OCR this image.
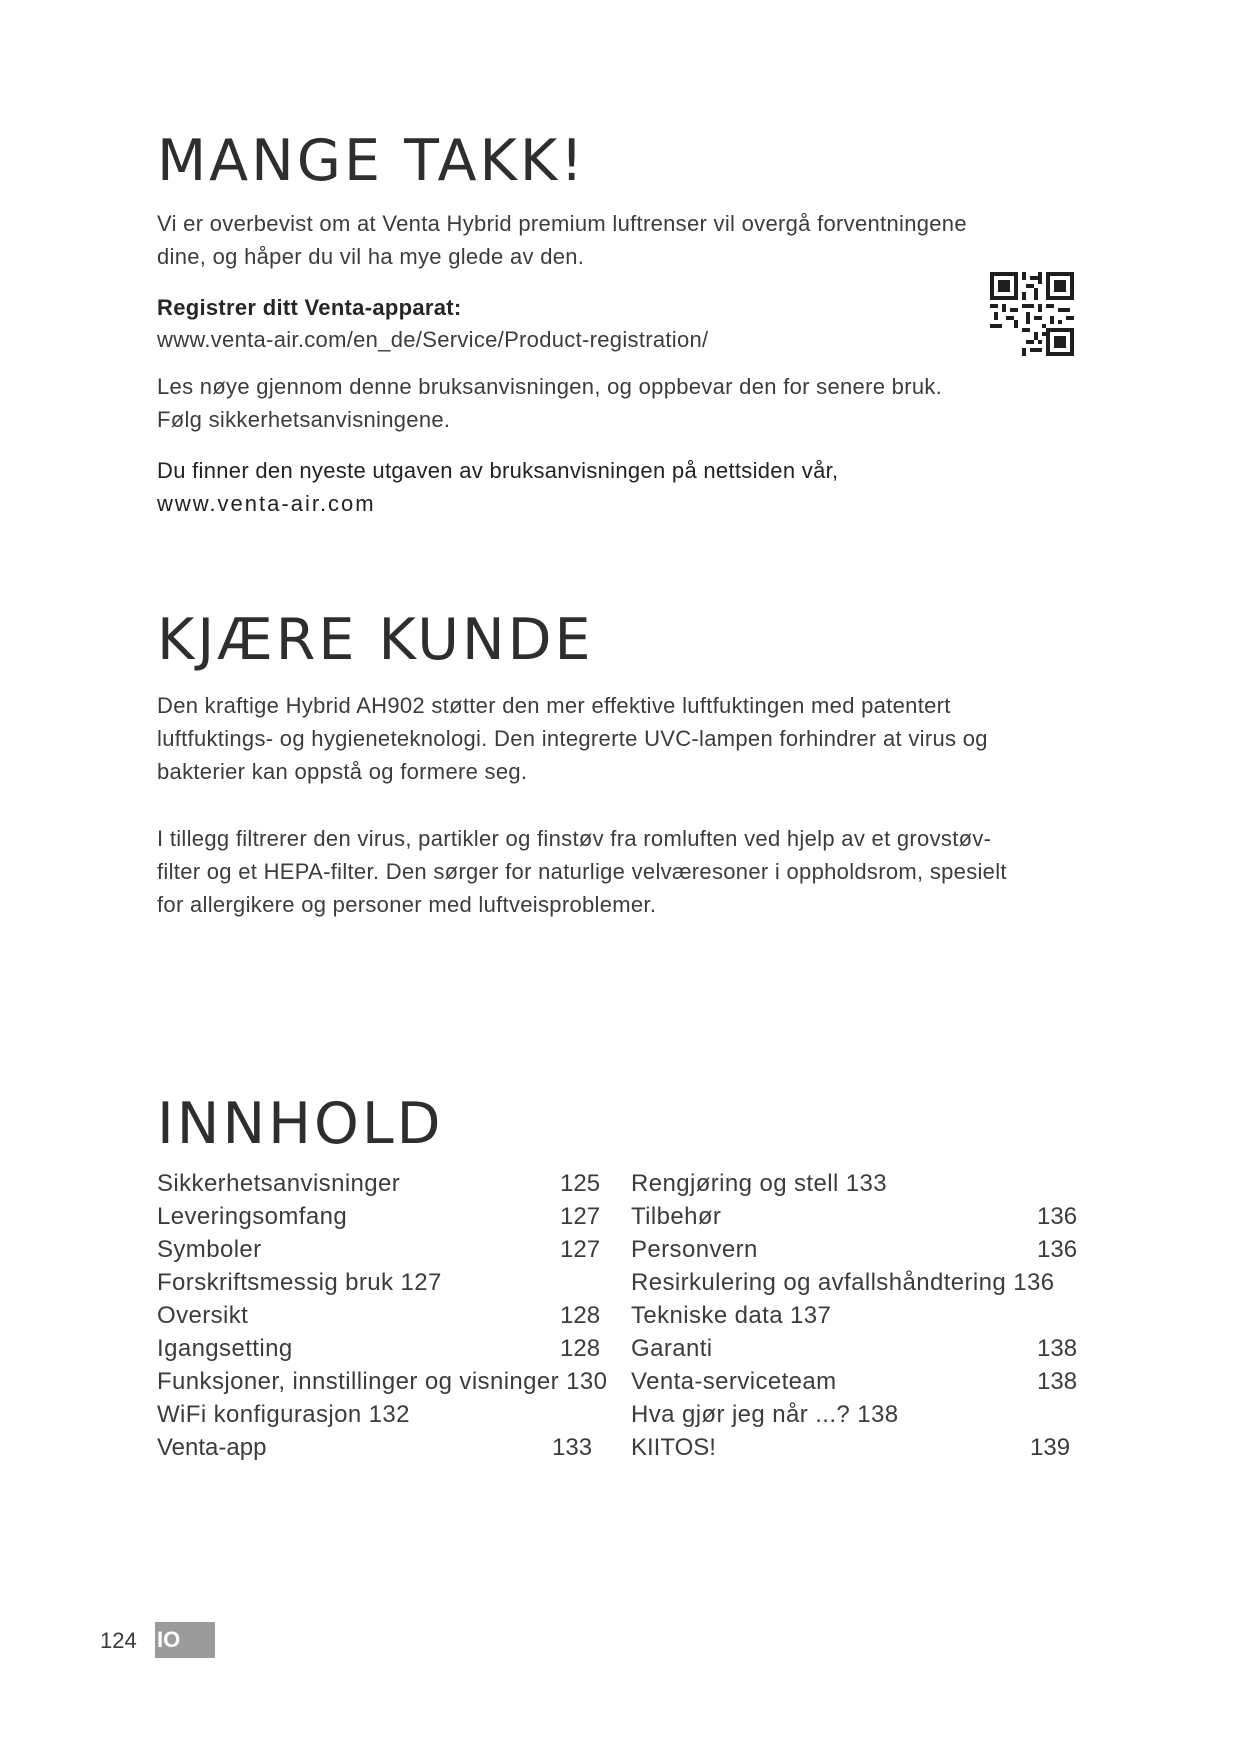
MANGE TAKK!

Vi er overbevist om at Venta Hybrid premium luftrenser vil overgå forventningene

dine, og håper du vil ha mye glede av den.

Registrer ditt Venta-apparat:

www.venta-air.com/en_de/Service/Product-registration/

Les nøye gjennom denne bruksanvisningen, og oppbevar den for senere bruk.

Følg sikkerhetsanvisningene.

Du finner den nyeste utgaven av bruksanvisningen på nettsiden vår,

www.venta-air.com

KJÆRE KUNDE

Den kraftige Hybrid AH902 støtter den mer effektive luftfuktingen med patentert

luftfuktings- og hygieneteknologi. Den integrerte UVC-lampen forhindrer at virus og

bakterier kan oppstå og formere seg.

I tillegg filtrerer den virus, partikler og finstøv fra romluften ved hjelp av et grovstøv-

filter og et HEPA-filter. Den sørger for naturlige velværesoner i oppholdsrom, spesielt

for allergikere og personer med luftveisproblemer.

INNHOLD
Sikkerhetsanvisninger	125
Leveringsomfang	127
Symboler	127
Forskriftsmessig bruk 127
Oversikt	128
Igangsetting	128
Funksjoner, innstillinger og visninger 130
WiFi konfigurasjon 132
Venta-app	133
Rengjøring og stell 133
Tilbehør	136
Personvern	136
Resirkulering og avfallshåndtering 136
Tekniske data 137
Garanti	138
Venta-serviceteam	138
Hva gjør jeg når ...? 138
KIITOS!	139
124 IO
